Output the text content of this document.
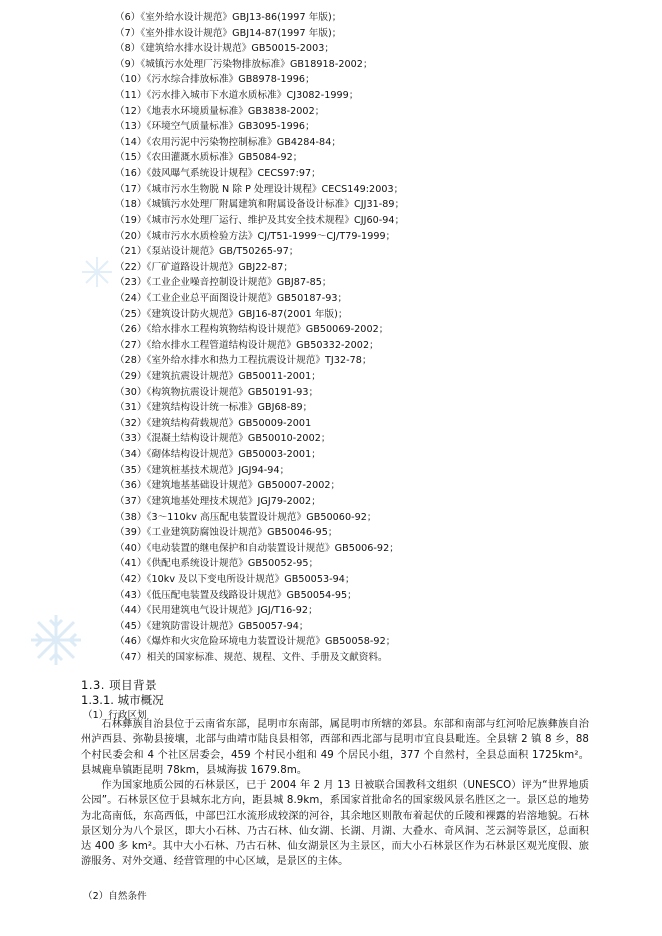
（6）《室外给水设计规范》GBJ13-86(1997 年版)；
（7）《室外排水设计规范》GBJ14-87(1997 年版)；
（8）《建筑给水排水设计规范》GB50015-2003；
（9）《城镇污水处理厂污染物排放标准》GB18918-2002；
（10）《污水综合排放标准》GB8978-1996；
（11）《污水排入城市下水道水质标准》CJ3082-1999；
（12）《地表水环境质量标准》GB3838-2002；
（13）《环境空气质量标准》GB3095-1996；
（14）《农用污泥中污染物控制标准》GB4284-84；
（15）《农田灌溉水质标准》GB5084-92；
（16）《鼓风曝气系统设计规程》CECS97:97；
（17）《城市污水生物脱 N 除 P 处理设计规程》CECS149:2003；
（18）《城镇污水处理厂附属建筑和附属设备设计标准》CJJ31-89；
（19）《城市污水处理厂运行、维护及其安全技术规程》CJJ60-94；
（20）《城市污水水质检验方法》CJ/T51-1999～CJ/T79-1999；
（21）《泵站设计规范》GB/T50265-97；
（22）《厂矿道路设计规范》GBJ22-87；
（23）《工业企业噪音控制设计规范》GBJ87-85；
（24）《工业企业总平面图设计规范》GB50187-93；
（25）《建筑设计防火规范》GBJ16-87(2001 年版)；
（26）《给水排水工程构筑物结构设计规范》GB50069-2002；
（27）《给水排水工程管道结构设计规范》GB50332-2002；
（28）《室外给水排水和热力工程抗震设计规范》TJ32-78；
（29）《建筑抗震设计规范》GB50011-2001；
（30）《构筑物抗震设计规范》GB50191-93；
（31）《建筑结构设计统一标准》GBJ68-89；
（32）《建筑结构荷载规范》GB50009-2001
（33）《混凝土结构设计规范》GB50010-2002；
（34）《砌体结构设计规范》GB50003-2001；
（35）《建筑桩基技术规范》JGJ94-94；
（36）《建筑地基基础设计规范》GB50007-2002；
（37）《建筑地基处理技术规范》JGJ79-2002；
（38）《3～110kv 高压配电装置设计规范》GB50060-92；
（39）《工业建筑防腐蚀设计规范》GB50046-95；
（40）《电动装置的继电保护和自动装置设计规范》GB5006-92；
（41）《供配电系统设计规范》GB50052-95；
（42）《10kv 及以下变电所设计规范》GB50053-94；
（43）《低压配电装置及线路设计规范》GB50054-95；
（44）《民用建筑电气设计规范》JGJ/T16-92；
（45）《建筑防雷设计规范》GB50057-94；
（46）《爆炸和火灾危险环境电力装置设计规范》GB50058-92；
（47）相关的国家标准、规范、规程、文件、手册及文献资料。
1.3. 项目背景
1.3.1. 城市概况
（1）行政区划
石林彝族自治县位于云南省东部，昆明市东南部，属昆明市所辖的郊县。东部和南部与红河哈尼族彝族自治州泸西县、弥勒县接壤，北部与曲靖市陆良县相邻，西部和西北部与昆明市宜良县毗连。全县辖 2 镇 8 乡，88 个村民委会和 4 个社区居委会，459 个村民小组和 49 个居民小组，377 个自然村，全县总面积 1725km²。县城鹿阜镇距昆明 78km，县城海拔 1679.8m。
作为国家地质公园的石林景区，已于 2004 年 2 月 13 日被联合国教科文组织（UNESCO）评为“世界地质公园”。石林景区位于县城东北方向，距县城 8.9km，系国家首批命名的国家级风景名胜区之一。景区总的地势为北高南低，东高西低，中部巴江水流形成较深的河谷，其余地区则散布着起伏的丘陵和裸露的岩溶地貌。石林景区划分为八个景区，即大小石林、乃古石林、仙女湖、长湖、月湖、大叠水、奇风洞、芝云洞等景区，总面积达 400 多 km²。其中大小石林、乃古石林、仙女湖景区为主景区，而大小石林景区作为石林景区观光度假、旅游服务、对外交通、经营管理的中心区域，是景区的主体。
（2）自然条件
